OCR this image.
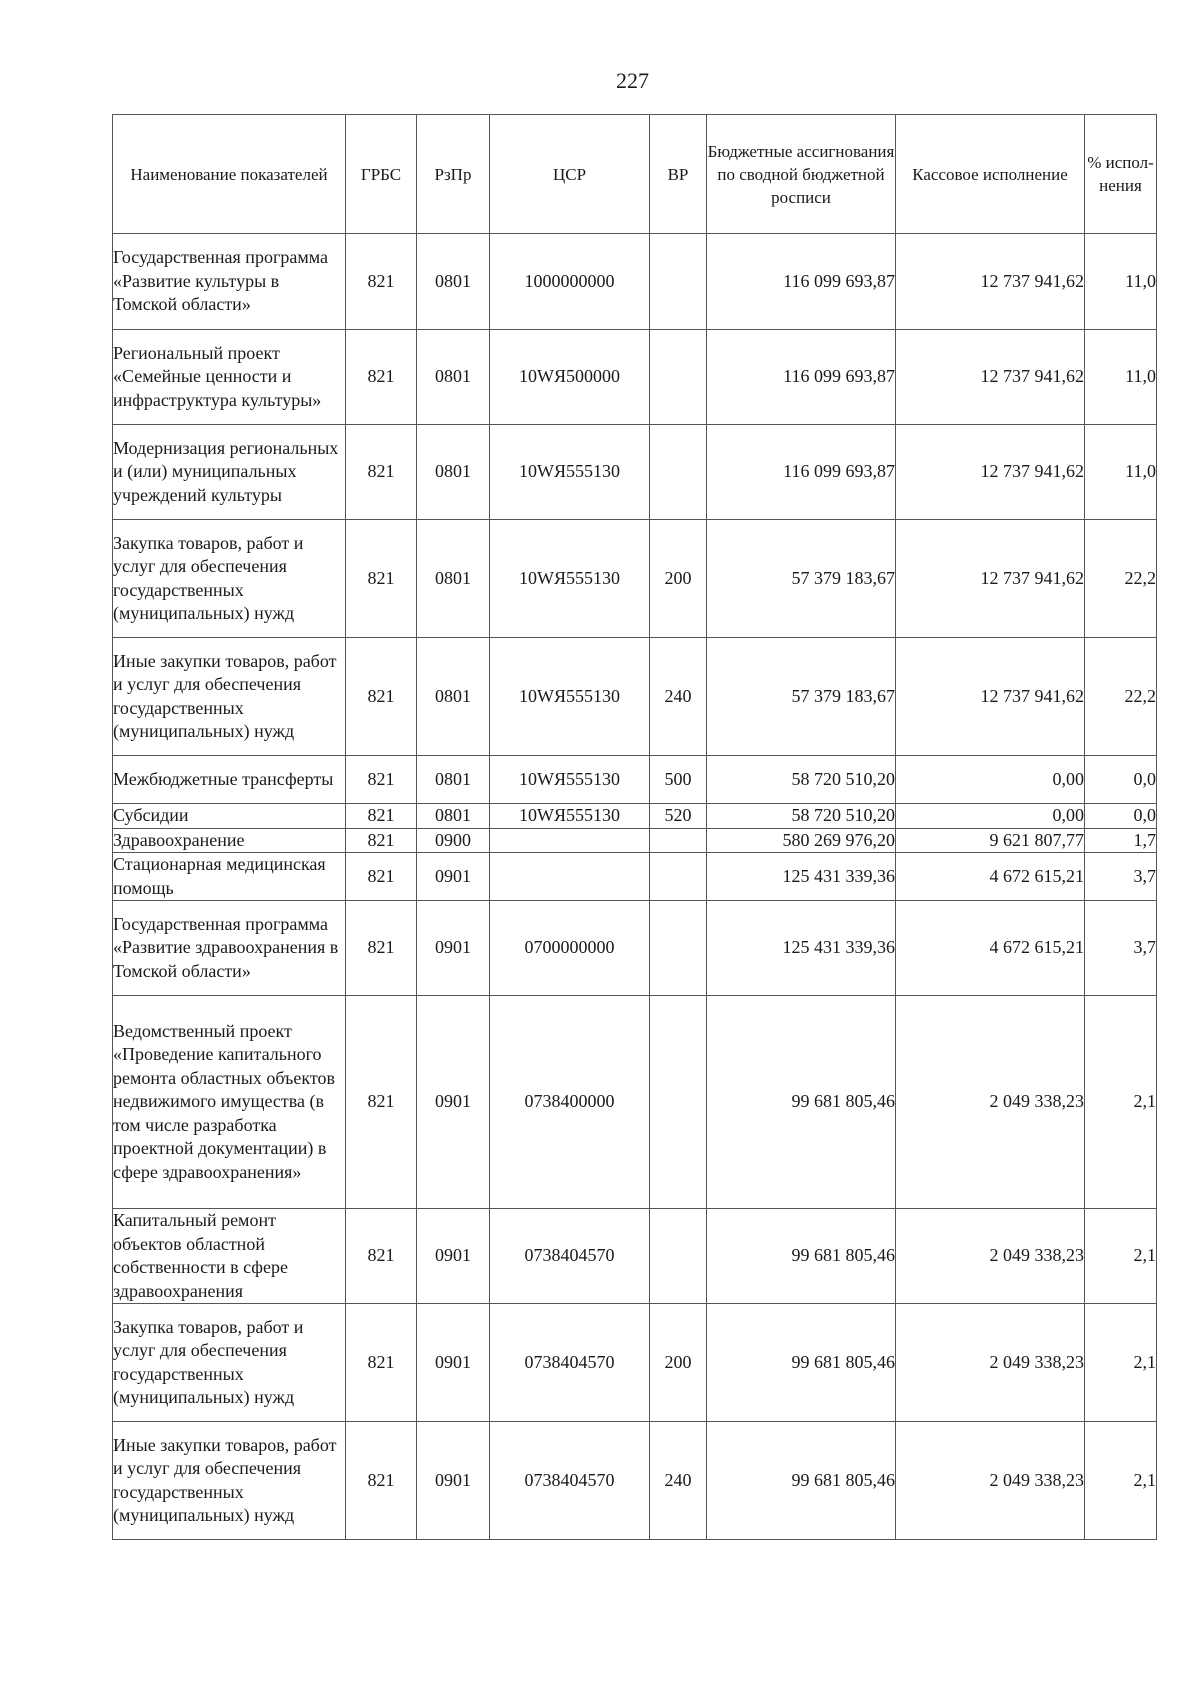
227
Наименование показателей	ГРБС	РзПр	ЦСР	ВР	Бюджетные ассигнования по сводной бюджетной росписи	Кассовое исполнение	% испол-нения
Государственная программа «Развитие культуры в Томской области»	821	0801	1000000000		116 099 693,87	12 737 941,62	11,0
Региональный проект «Семейные ценности и инфраструктура культуры»	821	0801	10WЯ500000		116 099 693,87	12 737 941,62	11,0
Модернизация региональных и (или) муниципальных учреждений культуры	821	0801	10WЯ555130		116 099 693,87	12 737 941,62	11,0
Закупка товаров, работ и услуг для обеспечения государственных (муниципальных) нужд	821	0801	10WЯ555130	200	57 379 183,67	12 737 941,62	22,2
Иные закупки товаров, работ и услуг для обеспечения государственных (муниципальных) нужд	821	0801	10WЯ555130	240	57 379 183,67	12 737 941,62	22,2
Межбюджетные трансферты	821	0801	10WЯ555130	500	58 720 510,20	0,00	0,0
Субсидии	821	0801	10WЯ555130	520	58 720 510,20	0,00	0,0
Здравоохранение	821	0900			580 269 976,20	9 621 807,77	1,7
Стационарная медицинская помощь	821	0901			125 431 339,36	4 672 615,21	3,7
Государственная программа «Развитие здравоохранения в Томской области»	821	0901	0700000000		125 431 339,36	4 672 615,21	3,7
Ведомственный проект «Проведение капитального ремонта областных объектов недвижимого имущества (в том числе разработка проектной документации) в сфере здравоохранения»	821	0901	0738400000		99 681 805,46	2 049 338,23	2,1
Капитальный ремонт объектов областной собственности в сфере здравоохранения	821	0901	0738404570		99 681 805,46	2 049 338,23	2,1
Закупка товаров, работ и услуг для обеспечения государственных (муниципальных) нужд	821	0901	0738404570	200	99 681 805,46	2 049 338,23	2,1
Иные закупки товаров, работ и услуг для обеспечения государственных (муниципальных) нужд	821	0901	0738404570	240	99 681 805,46	2 049 338,23	2,1
